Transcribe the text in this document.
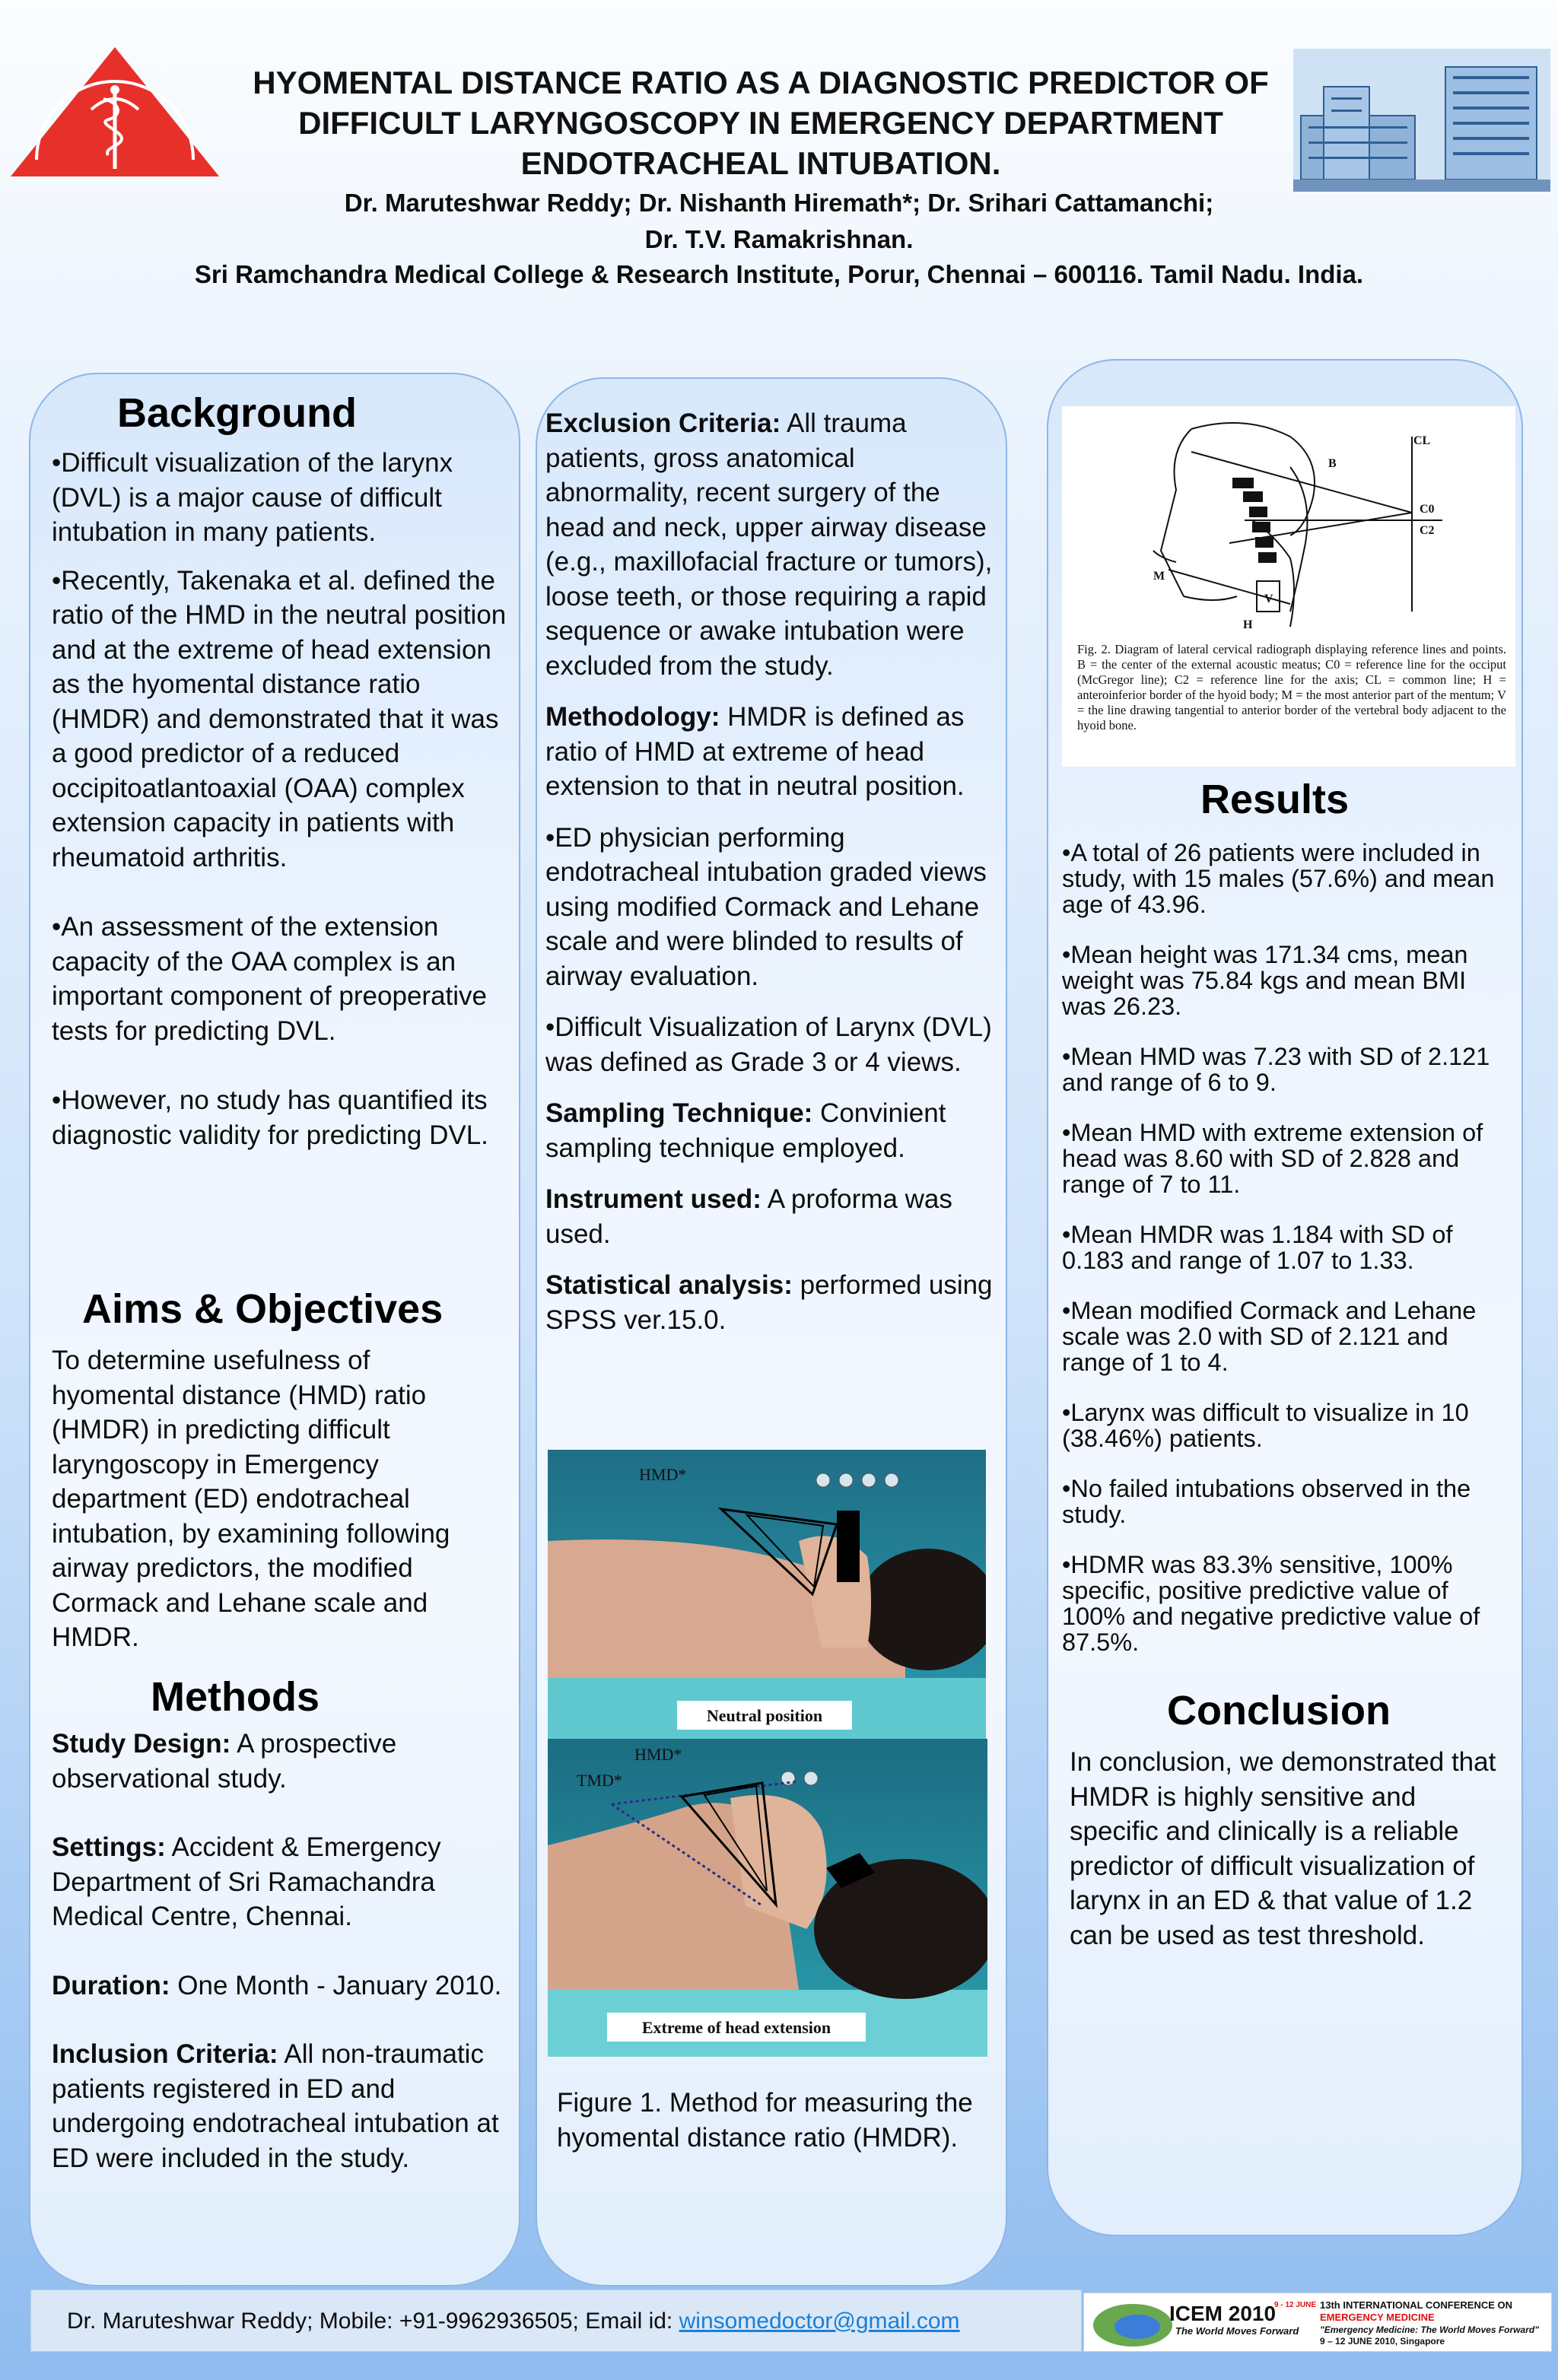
HYOMENTAL DISTANCE RATIO AS A DIAGNOSTIC PREDICTOR OF DIFFICULT LARYNGOSCOPY IN EMERGENCY DEPARTMENT ENDOTRACHEAL INTUBATION.
Dr. Maruteshwar Reddy; Dr. Nishanth Hiremath*; Dr. Srihari Cattamanchi;
Dr. T.V. Ramakrishnan.
Sri Ramchandra Medical College & Research Institute, Porur, Chennai – 600116. Tamil Nadu. India.
Background

•Difficult visualization of the larynx (DVL) is a major cause of difficult intubation in many patients.

•Recently, Takenaka et al. defined the ratio of the HMD in the neutral position and at the extreme of head extension as the hyomental distance ratio (HMDR) and demonstrated that it was a good predictor of a reduced occipitoatlantoaxial (OAA) complex extension capacity in patients with rheumatoid arthritis.

•An assessment of the extension capacity of the OAA complex is an important component of preoperative tests for predicting DVL.

•However, no study has quantified its diagnostic validity for predicting DVL.

Aims & Objectives
To determine usefulness of hyomental distance (HMD) ratio (HMDR) in predicting difficult laryngoscopy in Emergency department (ED) endotracheal intubation, by examining following airway predictors, the modified Cormack and Lehane scale and HMDR.
Methods

Study Design: A prospective observational study.

Settings: Accident & Emergency Department of Sri Ramachandra Medical Centre, Chennai.

Duration: One Month - January 2010.

Inclusion Criteria: All non-traumatic patients registered in ED and undergoing endotracheal intubation at ED were included in the study.

Exclusion Criteria: All trauma patients, gross anatomical abnormality, recent surgery of the head and neck, upper airway disease (e.g., maxillofacial fracture or tumors), loose teeth, or those requiring a rapid sequence or awake intubation were excluded from the study.

Methodology: HMDR is defined as ratio of HMD at extreme of head extension to that in neutral position.

•ED physician performing endotracheal intubation graded views using modified Cormack and Lehane scale and were blinded to results of airway evaluation.

•Difficult Visualization of Larynx (DVL) was defined as Grade 3 or 4 views.

Sampling Technique: Convinient sampling technique employed.

Instrument used: A proforma was used.

Statistical analysis: performed using SPSS ver.15.0.

HMD*
Neutral position
HMD*
TMD*
Extreme of head extension
Figure 1. Method for measuring the hyomental distance ratio (HMDR).
CL
B
C0
C2
M
H
V
Fig. 2. Diagram of lateral cervical radiograph displaying reference lines and points. B = the center of the external acoustic meatus; C0 = reference line for the occiput (McGregor line); C2 = reference line for the axis; CL = common line; H = anteroinferior border of the hyoid body; M = the most anterior part of the mentum; V = the line drawing tangential to anterior border of the vertebral body adjacent to the hyoid bone.
Results

•A total of 26 patients were included in study, with 15 males (57.6%) and mean age of 43.96.

•Mean height was 171.34 cms, mean weight was 75.84 kgs and mean BMI was 26.23.

•Mean HMD was 7.23 with SD of 2.121 and range of 6 to 9.

•Mean HMD with extreme extension of head was 8.60 with SD of 2.828 and range of 7 to 11.

•Mean HMDR was 1.184 with SD of 0.183 and range of 1.07 to 1.33.

•Mean modified Cormack and Lehane scale was 2.0 with SD of 2.121 and range of 1 to 4.

•Larynx was difficult to visualize in 10 (38.46%) patients.

•No failed intubations observed in the study.

•HDMR was 83.3% sensitive, 100% specific, positive predictive value of 100% and negative predictive value of 87.5%.

Conclusion
In conclusion, we demonstrated that HMDR is highly sensitive and specific and clinically is a reliable predictor of difficult visualization of larynx in an ED & that value of 1.2 can be used as test threshold.
Dr. Maruteshwar Reddy; Mobile: +91-9962936505; Email id: winsomedoctor@gmail.com	ICEM 2010
9 - 12 JUNE
The World Moves Forward
13th INTERNATIONAL CONFERENCE ON
EMERGENCY MEDICINE
"Emergency Medicine: The World Moves Forward"
9 – 12 JUNE 2010, Singapore
